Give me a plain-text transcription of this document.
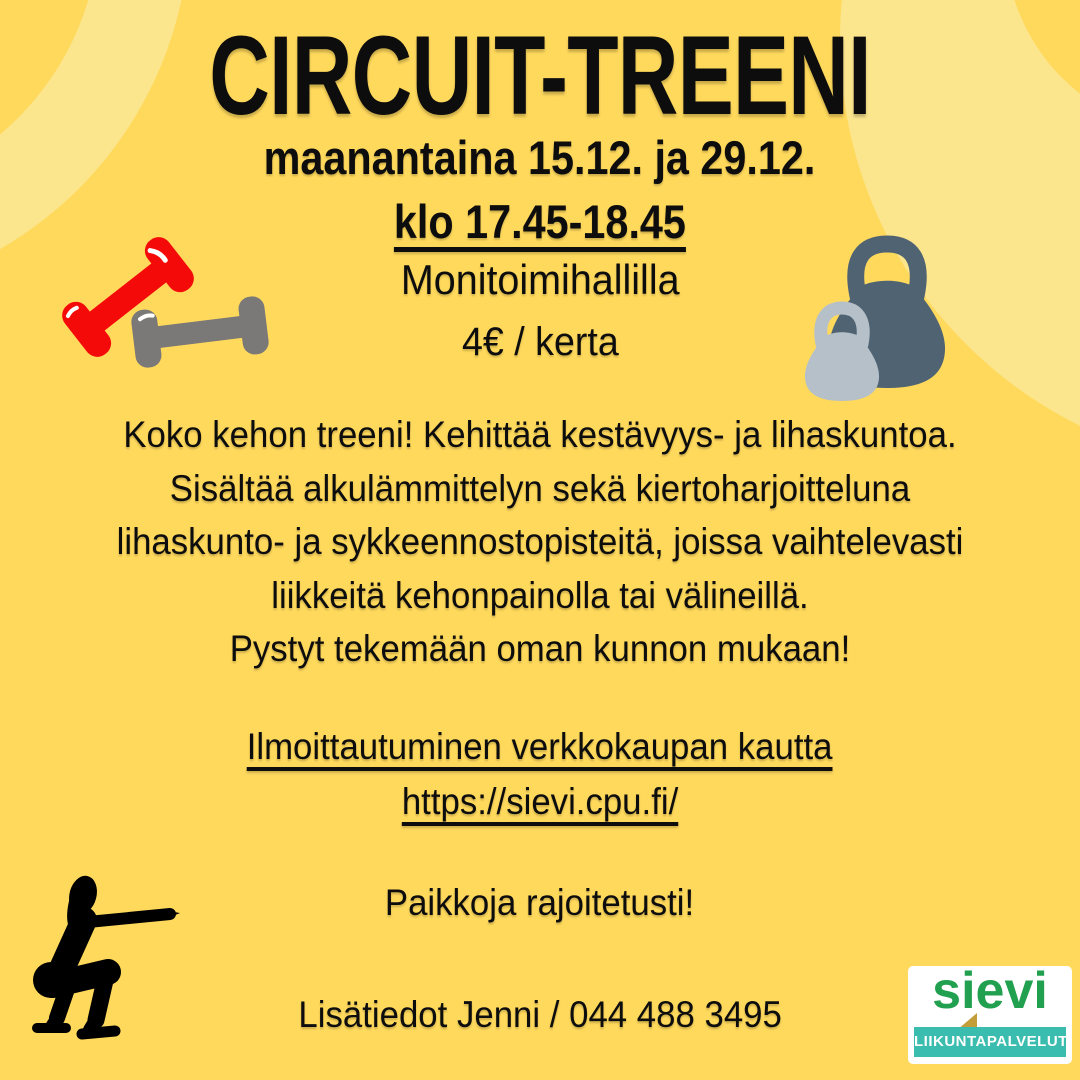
CIRCUIT-TREENI
maanantaina 15.12. ja 29.12.
klo 17.45-18.45
Monitoimihallilla
4€ / kerta
Koko kehon treeni! Kehittää kestävyys- ja lihaskuntoa.
Sisältää alkulämmittelyn sekä kiertoharjoitteluna
lihaskunto- ja sykkeennostopisteitä, joissa vaihtelevasti
liikkeitä kehonpainolla tai välineillä.
Pystyt tekemään oman kunnon mukaan!
Ilmoittautuminen verkkokaupan kautta
https://sievi.cpu.fi/
Paikkoja rajoitetusti!
Lisätiedot Jenni / 044 488 3495	sievi
LIIKUNTAPALVELUT
